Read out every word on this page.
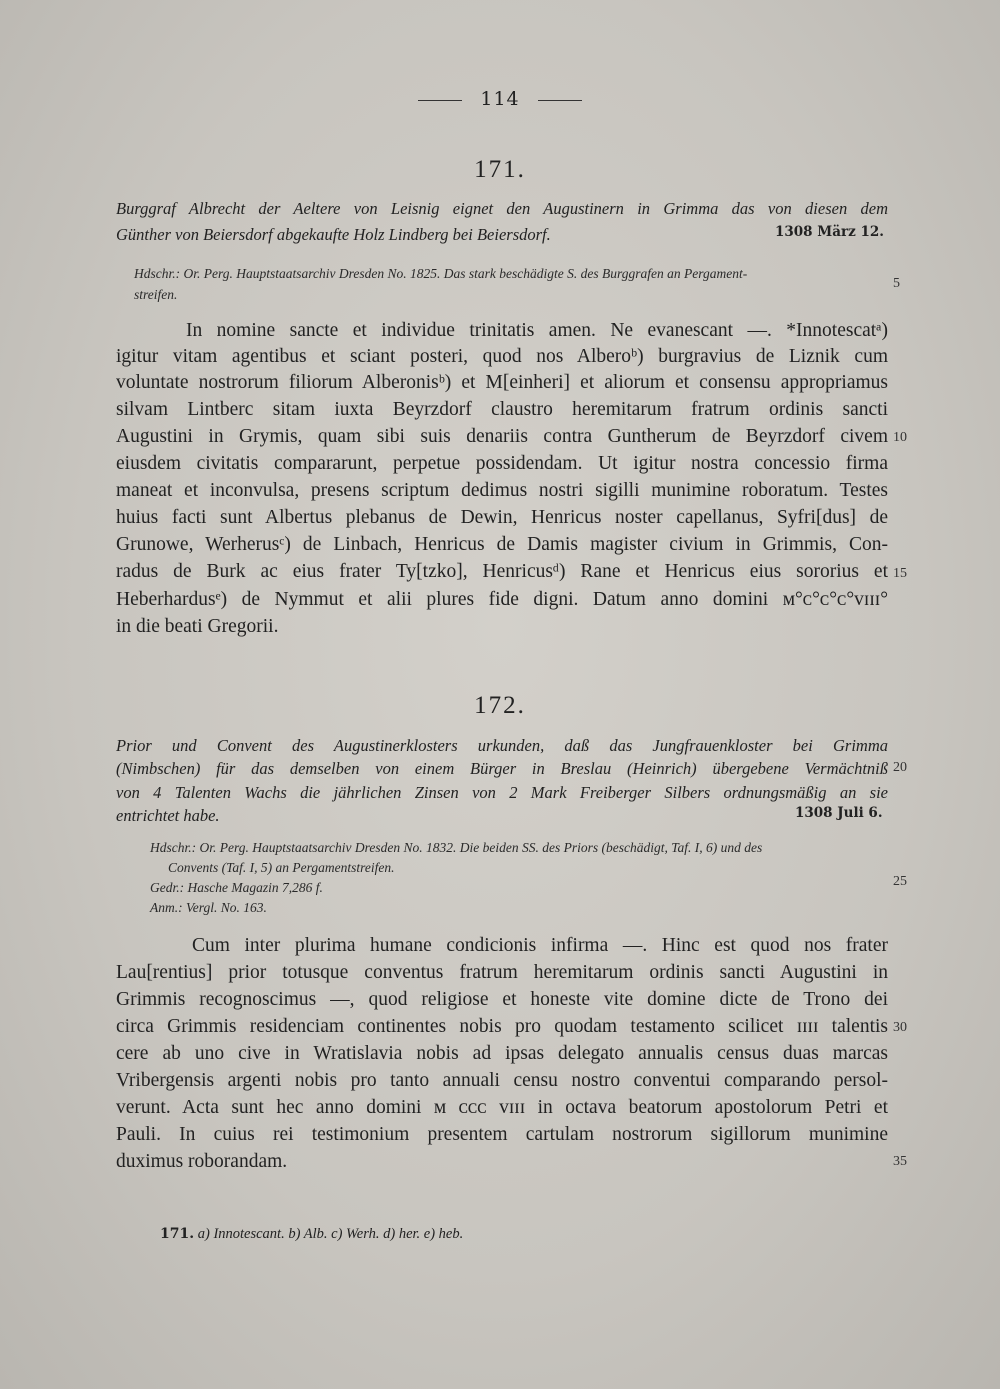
114
171.
Burggraf Albrecht der Aeltere von Leisnig eignet den Augustinern in Grimma das von diesen dem
Günther von Beiersdorf abgekaufte Holz Lindberg bei Beiersdorf.	1308 März 12.
Hdschr.: Or. Perg. Hauptstaatsarchiv Dresden No. 1825. Das stark beschädigte S. des Burggrafen an Pergament-
streifen.
In nomine sancte et individue trinitatis amen. Ne evanescant —. *Innotescatᵃ)
igitur vitam agentibus et sciant posteri, quod nos Alberoᵇ) burgravius de Liznik cum
voluntate nostrorum filiorum Alberonisᵇ) et M[einheri] et aliorum et consensu appropriamus
silvam Lintberc sitam iuxta Beyrzdorf claustro heremitarum fratrum ordinis sancti
Augustini in Grymis, quam sibi suis denariis contra Guntherum de Beyrzdorf civem
eiusdem civitatis compararunt, perpetue possidendam. Ut igitur nostra concessio firma
maneat et inconvulsa, presens scriptum dedimus nostri sigilli munimine roboratum. Testes
huius facti sunt Albertus plebanus de Dewin, Henricus noster capellanus, Syfri[dus] de
Grunowe, Werherusᶜ) de Linbach, Henricus de Damis magister civium in Grimmis, Con-
radus de Burk ac eius frater Ty[tzko], Henricusᵈ) Rane et Henricus eius sororius et
Heberhardusᵉ) de Nymmut et alii plures fide digni. Datum anno domini ᴍ°ᴄ°ᴄ°ᴄ°ᴠɪɪɪ°
in die beati Gregorii.
172.
Prior und Convent des Augustinerklosters urkunden, daß das Jungfrauenkloster bei Grimma
(Nimbschen) für das demselben von einem Bürger in Breslau (Heinrich) übergebene Vermächtniß
von 4 Talenten Wachs die jährlichen Zinsen von 2 Mark Freiberger Silbers ordnungsmäßig an sie
entrichtet habe.	1308 Juli 6.
Hdschr.: Or. Perg. Hauptstaatsarchiv Dresden No. 1832. Die beiden SS. des Priors (beschädigt, Taf. I, 6) und des
Convents (Taf. I, 5) an Pergamentstreifen.
Gedr.: Hasche Magazin 7,286 f.
Anm.: Vergl. No. 163.
Cum inter plurima humane condicionis infirma —. Hinc est quod nos frater
Lau[rentius] prior totusque conventus fratrum heremitarum ordinis sancti Augustini in
Grimmis recognoscimus —, quod religiose et honeste vite domine dicte de Trono dei
circa Grimmis residenciam continentes nobis pro quodam testamento scilicet ɪɪɪɪ talentis
cere ab uno cive in Wratislavia nobis ad ipsas delegato annualis census duas marcas
Vribergensis argenti nobis pro tanto annuali censu nostro conventui comparando persol-
verunt. Acta sunt hec anno domini ᴍ ᴄᴄᴄ ᴠɪɪɪ in octava beatorum apostolorum Petri et
Pauli. In cuius rei testimonium presentem cartulam nostrorum sigillorum munimine
duximus roborandam.
5
10
15
20
25
30
35
171. a) Innotescant. b) Alb. c) Werh. d) her. e) heb.
